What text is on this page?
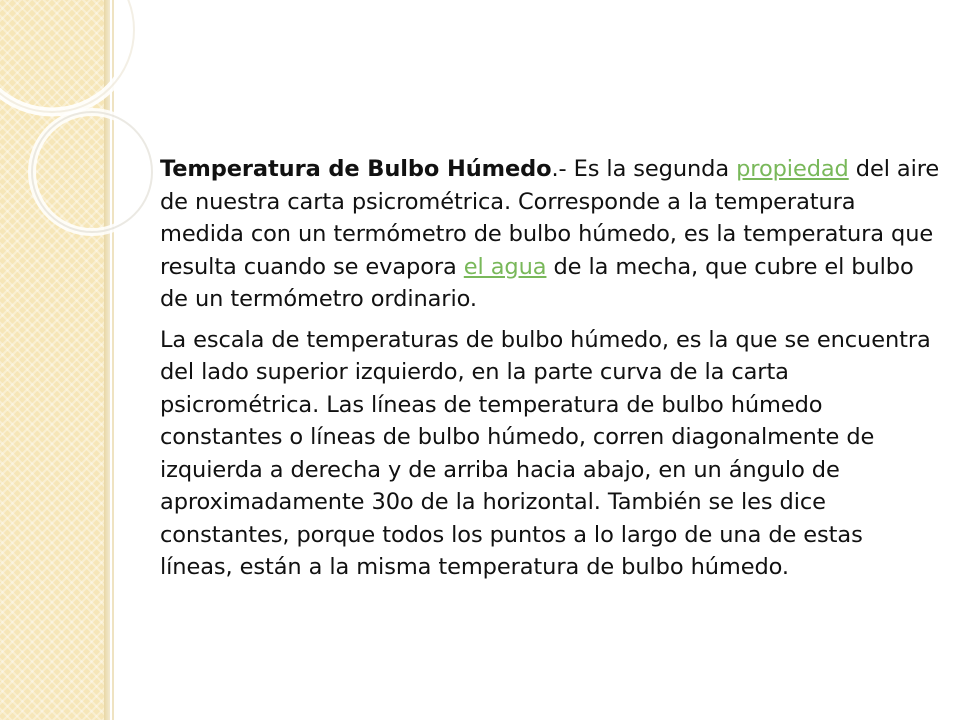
Temperatura de Bulbo Húmedo.- Es la segunda propiedad del aire de nuestra carta psicrométrica. Corresponde a la temperatura medida con un termómetro de bulbo húmedo, es la temperatura que resulta cuando se evapora el agua de la mecha, que cubre el bulbo de un termómetro ordinario.

La escala de temperaturas de bulbo húmedo, es la que se encuentra del lado superior izquierdo, en la parte curva de la carta psicrométrica. Las líneas de temperatura de bulbo húmedo constantes o líneas de bulbo húmedo, corren diagonalmente de izquierda a derecha y de arriba hacia abajo, en un ángulo de aproximadamente 30o de la horizontal. También se les dice constantes, porque todos los puntos a lo largo de una de estas líneas, están a la misma temperatura de bulbo húmedo.
